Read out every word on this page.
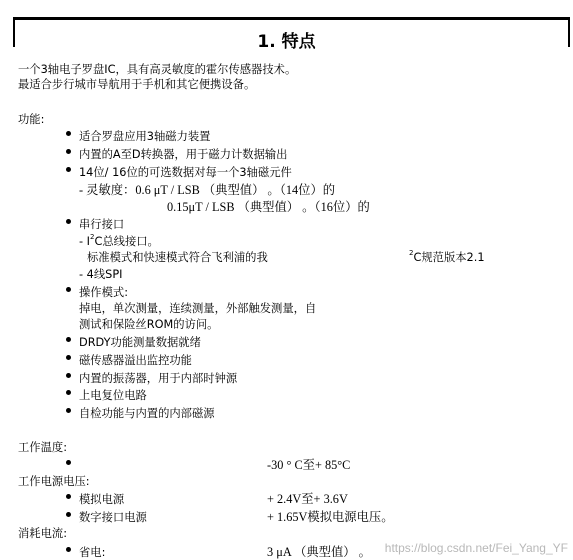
1. 特点
一个3轴电子罗盘IC，具有高灵敏度的霍尔传感器技术。
最适合步行城市导航用于手机和其它便携设备。
功能:
适合罗盘应用3轴磁力装置
内置的A至D转换器，用于磁力计数据输出
14位/ 16位的可选数据对每一个3轴磁元件
- 灵敏度：0.6 μT / LSB （典型值） 。（14位）的
0.15μT / LSB （典型值） 。（16位）的
串行接口
- $I^2C$总线接口。
标准模式和快速模式符合飞利浦的我	$^2$C规范版本2.1
- 4线SPI
操作模式:
掉电，单次测量，连续测量，外部触发测量，自
测试和保险丝ROM的访问。
DRDY功能测量数据就绪
磁传感器溢出监控功能
内置的振荡器，用于内部时钟源
上电复位电路
自检功能与内置的内部磁源
工作温度:
-30 ° C至+ 85°C
工作电源电压:
模拟电源	+ 2.4V至+ 3.6V
数字接口电源	+ 1.65V模拟电源电压。
消耗电流:
省电:	3 μA （典型值） 。 https://blog.csdn.net/Fei_Yang_YF
